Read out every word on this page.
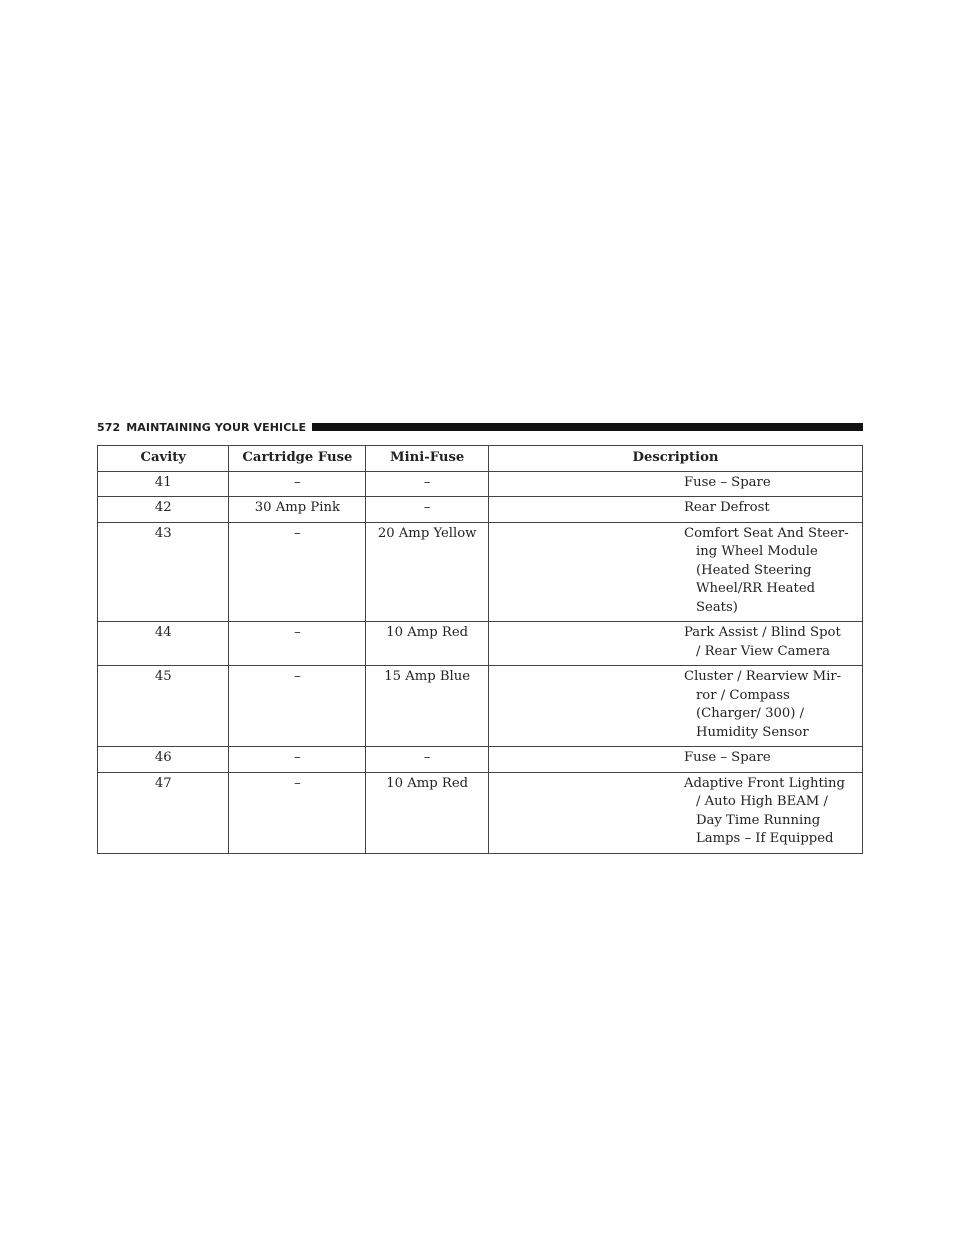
572 MAINTAINING YOUR VEHICLE
Cavity	Cartridge Fuse	Mini-Fuse	Description
41	–	–	Fuse – Spare

42	30 Amp Pink	–	Rear Defrost

43	–	20 Amp Yellow	Comfort Seat And Steer-
ing Wheel Module (Heated Steering Wheel/RR Heated Seats)

44	–	10 Amp Red	Park Assist / Blind Spot
/ Rear View Camera

45	–	15 Amp Blue	Cluster / Rearview Mir-
ror / Compass (Charger/ 300) / Humidity Sensor

46	–	–	Fuse – Spare

47	–	10 Amp Red	Adaptive Front Lighting
/ Auto High BEAM / Day Time Running Lamps – If Equipped
